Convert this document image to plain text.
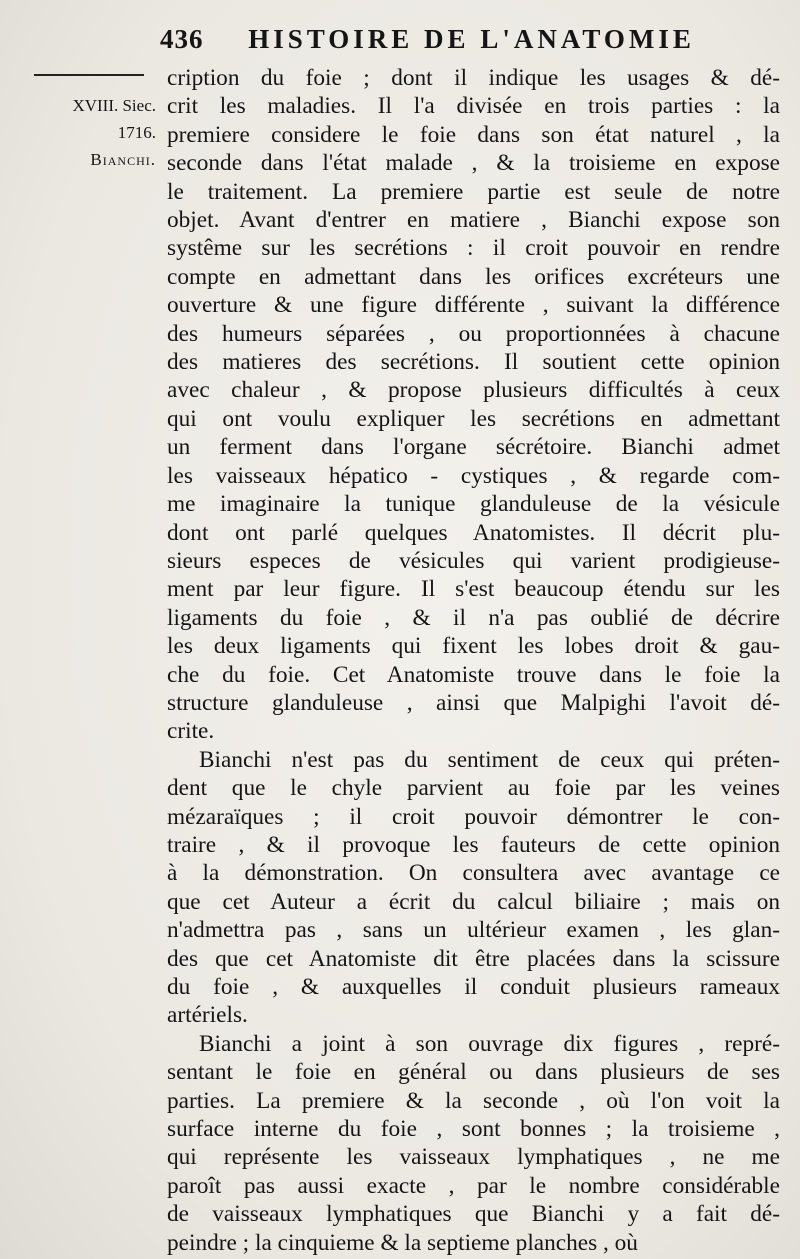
436 HISTOIRE DE L'ANATOMIE
XVIII. Siec.
1716.
Bianchi.

cription du foie ; dont il indique les usages & dé-
crit les maladies. Il l'a divisée en trois parties : la
premiere considere le foie dans son état naturel , la
seconde dans l'état malade , & la troisieme en expose
le traitement. La premiere partie est seule de notre
objet. Avant d'entrer en matiere , Bianchi expose son
systême sur les secrétions : il croit pouvoir en rendre
compte en admettant dans les orifices excréteurs une
ouverture & une figure différente , suivant la différence
des humeurs séparées , ou proportionnées à chacune
des matieres des secrétions. Il soutient cette opinion
avec chaleur , & propose plusieurs difficultés à ceux
qui ont voulu expliquer les secrétions en admettant
un ferment dans l'organe sécrétoire. Bianchi admet
les vaisseaux hépatico - cystiques , & regarde com-
me imaginaire la tunique glanduleuse de la vésicule
dont ont parlé quelques Anatomistes. Il décrit plu-
sieurs especes de vésicules qui varient prodigieuse-
ment par leur figure. Il s'est beaucoup étendu sur les
ligaments du foie , & il n'a pas oublié de décrire
les deux ligaments qui fixent les lobes droit & gau-
che du foie. Cet Anatomiste trouve dans le foie la
structure glanduleuse , ainsi que Malpighi l'avoit dé-
crite.

Bianchi n'est pas du sentiment de ceux qui préten-
dent que le chyle parvient au foie par les veines
mézaraïques ; il croit pouvoir démontrer le con-
traire , & il provoque les fauteurs de cette opinion
à la démonstration. On consultera avec avantage ce
que cet Auteur a écrit du calcul biliaire ; mais on
n'admettra pas , sans un ultérieur examen , les glan-
des que cet Anatomiste dit être placées dans la scissure
du foie , & auxquelles il conduit plusieurs rameaux
artériels.

Bianchi a joint à son ouvrage dix figures , repré-
sentant le foie en général ou dans plusieurs de ses
parties. La premiere & la seconde , où l'on voit la
surface interne du foie , sont bonnes ; la troisieme ,
qui représente les vaisseaux lymphatiques , ne me
paroît pas aussi exacte , par le nombre considérable
de vaisseaux lymphatiques que Bianchi y a fait dé-
peindre ; la cinquieme & la septieme planches , où
